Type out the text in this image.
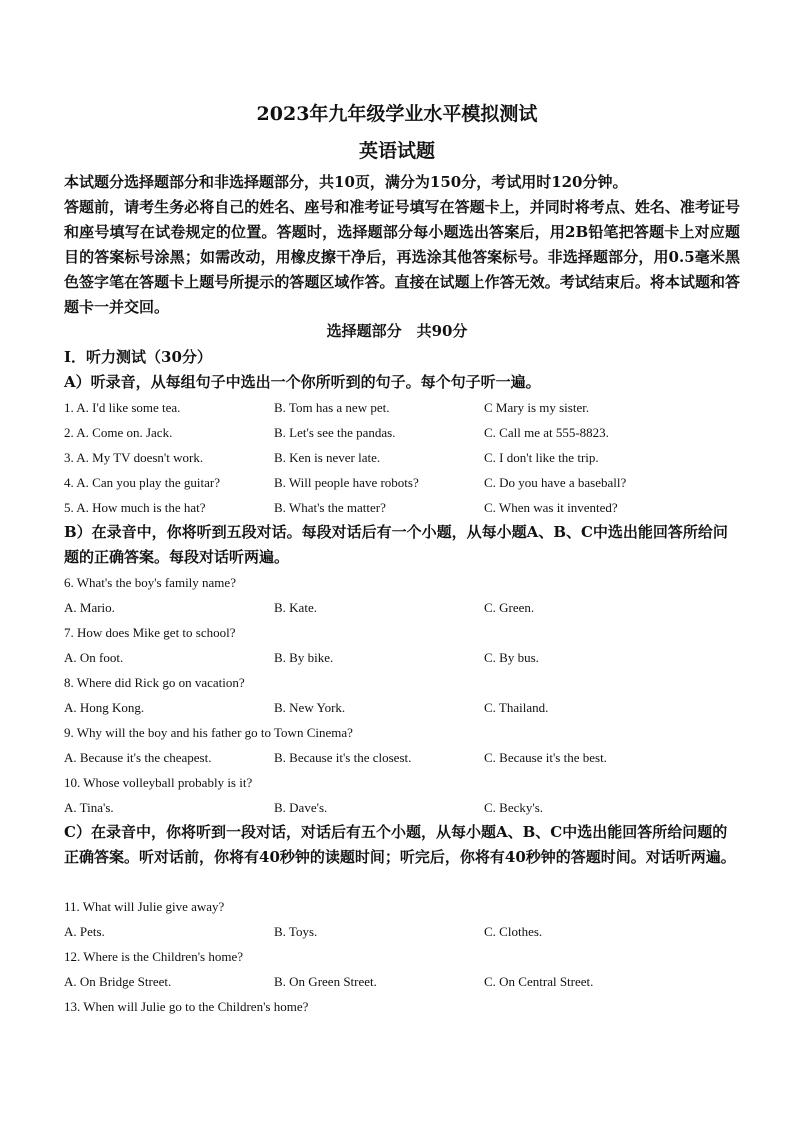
2023年九年级学业水平模拟测试
英语试题

本试题分选择题部分和非选择题部分，共10页，满分为150分，考试用时120分钟。

答题前，请考生务必将自己的姓名、座号和准考证号填写在答题卡上，并同时将考点、姓名、准考证号和座号填写在试卷规定的位置。答题时，选择题部分每小题选出答案后，用2B铅笔把答题卡上对应题目的答案标号涂黑；如需改动，用橡皮擦干净后，再选涂其他答案标号。非选择题部分，用0.5毫米黑色签字笔在答题卡上题号所提示的答题区域作答。直接在试题上作答无效。考试结束后。将本试题和答题卡一并交回。

选择题部分　共90分

Ⅰ．听力测试（30分）

A）听录音，从每组句子中选出一个你所听到的句子。每个句子听一遍。

1. A. I'd like some tea.	B. Tom has a new pet.	C Mary is my sister.
2. A. Come on. Jack.	B. Let's see the pandas.	C. Call me at 555-8823.
3. A. My TV doesn't work.	B. Ken is never late.	C. I don't like the trip.
4. A. Can you play the guitar?	B. Will people have robots?	C. Do you have a baseball?
5. A. How much is the hat?	B. What's the matter?	C. When was it invented?
B）在录音中，你将听到五段对话。每段对话后有一个小题，从每小题A、B、C中选出能回答所给问题的正确答案。每段对话听两遍。
6. What's the boy's family name?
A. Mario.	B. Kate.	C. Green.
7. How does Mike get to school?
A. On foot.	B. By bike.	C. By bus.
8. Where did Rick go on vacation?
A. Hong Kong.	B. New York.	C. Thailand.
9. Why will the boy and his father go to Town Cinema?
A. Because it's the cheapest.	B. Because it's the closest.	C. Because it's the best.
10. Whose volleyball probably is it?
A. Tina's.	B. Dave's.	C. Becky's.
C）在录音中，你将听到一段对话，对话后有五个小题，从每小题A、B、C中选出能回答所给问题的正确答案。听对话前，你将有40秒钟的读题时间；听完后，你将有40秒钟的答题时间。对话听两遍。
11. What will Julie give away?
A. Pets.	B. Toys.	C. Clothes.
12. Where is the Children's home?
A. On Bridge Street.	B. On Green Street.	C. On Central Street.
13. When will Julie go to the Children's home?
